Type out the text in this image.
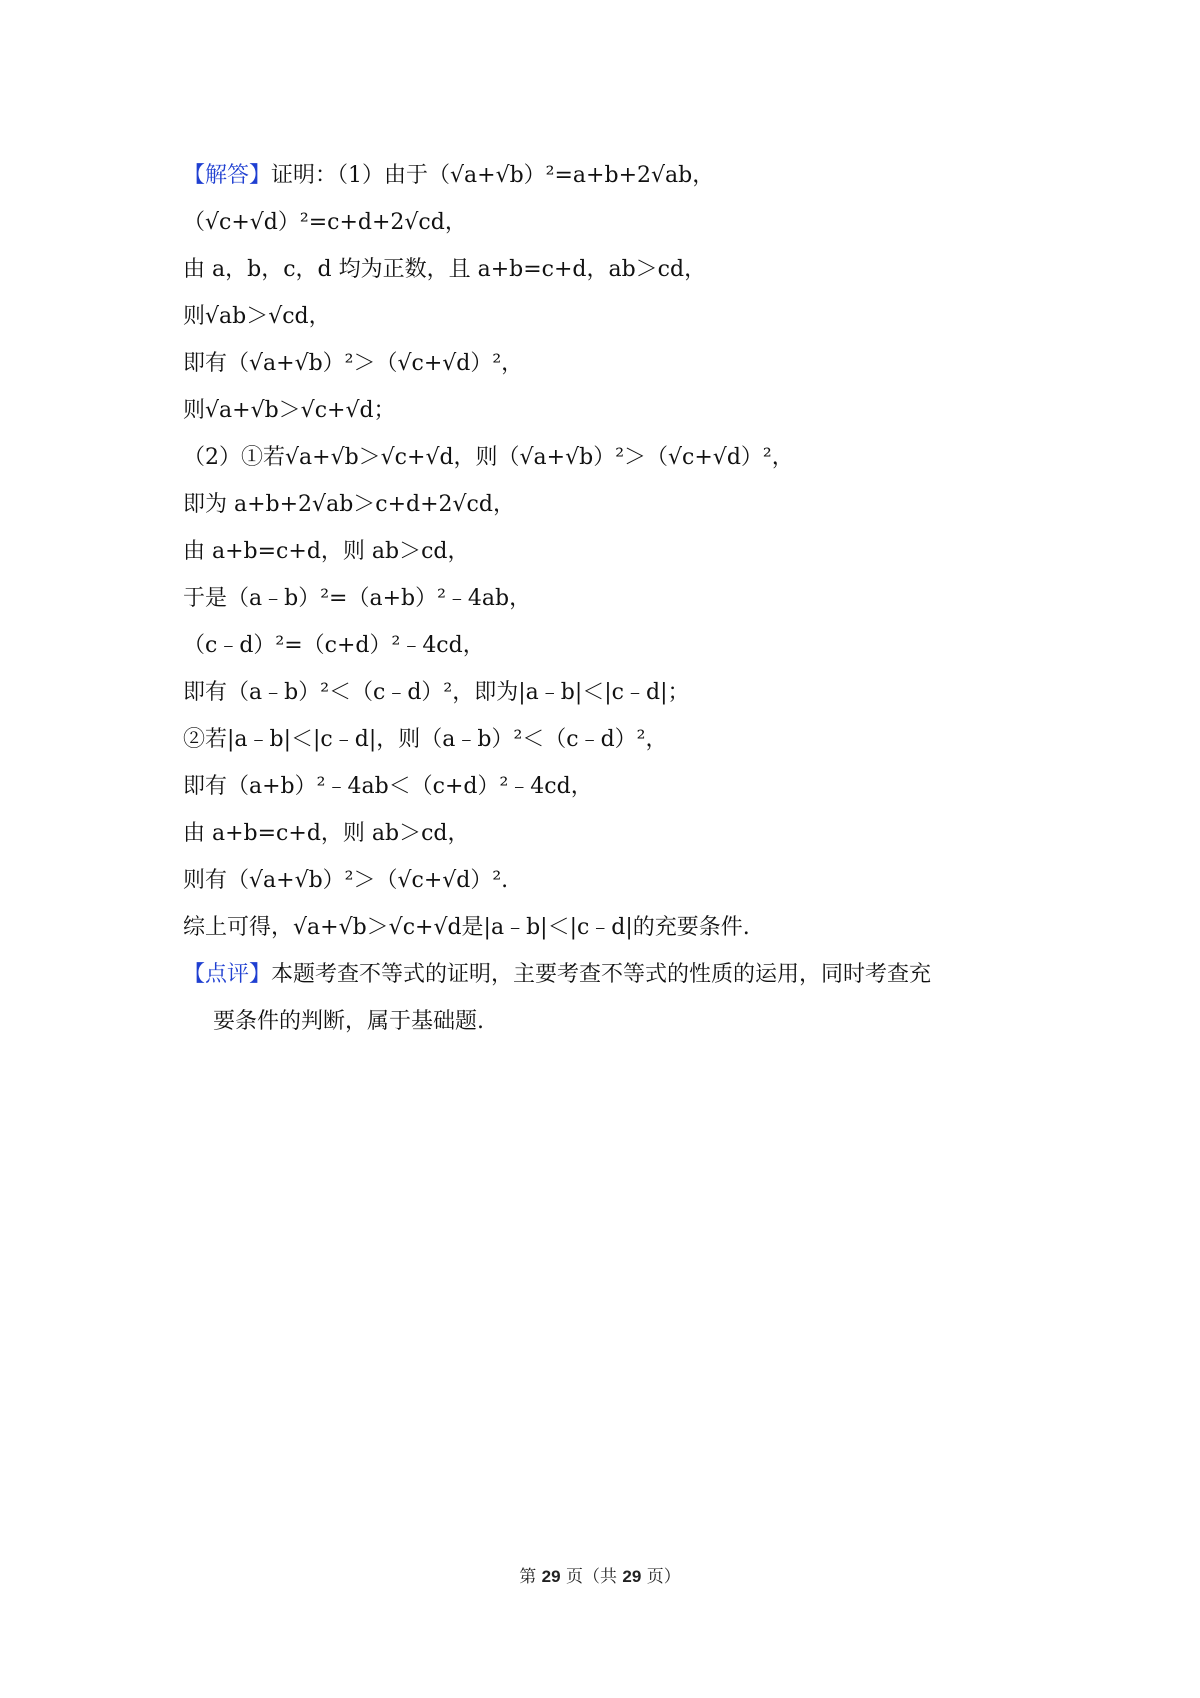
【解答】证明：（1）由于（√a+√b）²=a+b+2√ab，
（√c+√d）²=c+d+2√cd，
由 a，b，c，d 均为正数，且 a+b=c+d，ab＞cd，
则√ab＞√cd，
即有（√a+√b）²＞（√c+√d）²，
则√a+√b＞√c+√d；
（2）①若√a+√b＞√c+√d，则（√a+√b）²＞（√c+√d）²，
即为 a+b+2√ab＞c+d+2√cd，
由 a+b=c+d，则 ab＞cd，
于是（a﹣b）²=（a+b）²﹣4ab，
（c﹣d）²=（c+d）²﹣4cd，
即有（a﹣b）²＜（c﹣d）²，即为|a﹣b|＜|c﹣d|；
②若|a﹣b|＜|c﹣d|，则（a﹣b）²＜（c﹣d）²，
即有（a+b）²﹣4ab＜（c+d）²﹣4cd，
由 a+b=c+d，则 ab＞cd，
则有（√a+√b）²＞（√c+√d）².
综上可得，√a+√b＞√c+√d是|a﹣b|＜|c﹣d|的充要条件.
【点评】本题考查不等式的证明，主要考查不等式的性质的运用，同时考查充
要条件的判断，属于基础题.
第 29 页（共 29 页）
